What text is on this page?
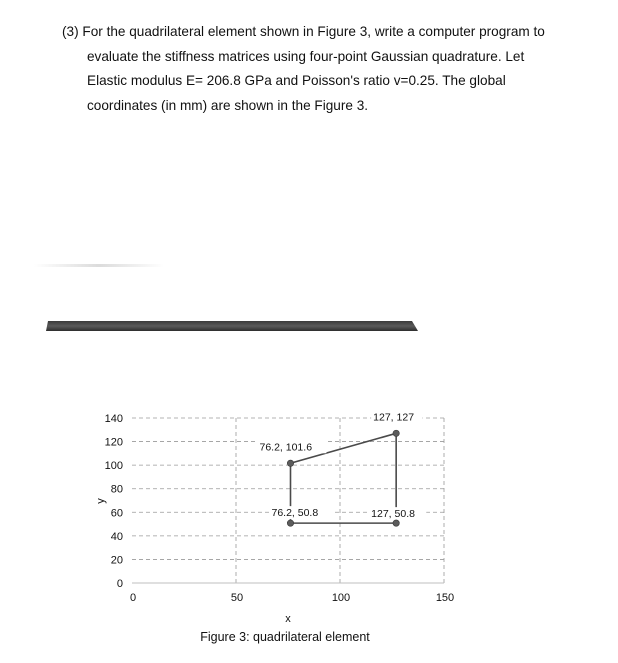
(3) For the quadrilateral element shown in Figure 3, write a computer program to
evaluate the stiffness matrices using four-point Gaussian quadrature. Let
Elastic modulus E= 206.8 GPa and Poisson's ratio v=0.25. The global
coordinates (in mm) are shown in the Figure 3.
0
20
40
60
80
100
120
140
0	50	100	150
y
x
76.2, 50.8	127, 50.8
127, 127
76.2, 101.6
Figure 3: quadrilateral element
